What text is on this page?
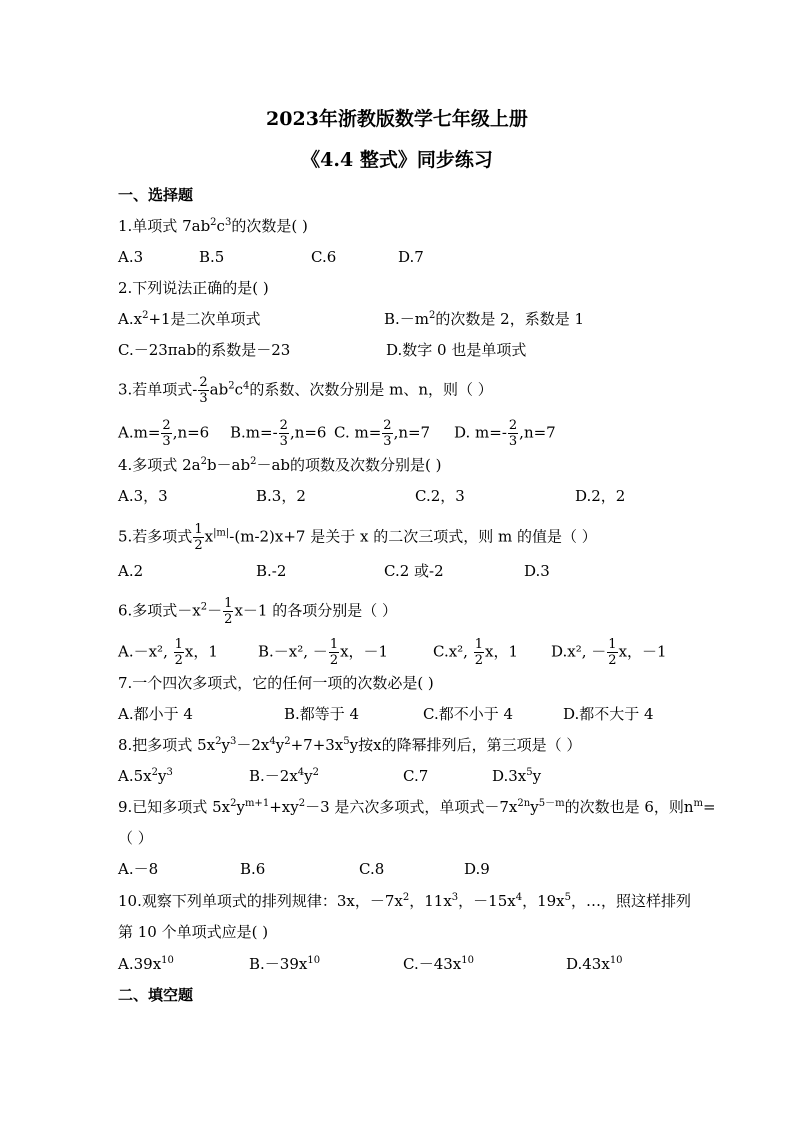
2023年浙教版数学七年级上册
《4.4 整式》同步练习
一、选择题
1.单项式 $7ab^2c^3$的次数是( )
A.3	B.5	C.6	D.7
2.下列说法正确的是( )
$A.x^2+1$是二次单项式	$B.-m^2$的次数是 2，系数是 1
C.－23πab的系数是－23	D.数字 0 也是单项式
3.若单项式- $\frac{2}{3} ab^2c^4$的系数、次数分别是 m、n，则（ ）
$A.m= \frac{2}{3} ,n=6$ $B.m=- \frac{2}{3} ,n=6$ C. $m= \frac{2}{3} ,n=7$ D. $m=- \frac{2}{3} ,n=7$
4.多项式 $2a^2b-ab^2-ab$的项数及次数分别是( )
A.3，3	B.3，2	C.2，3	D.2，2
5.若多项式 $\frac{1}{2} x^{|m|}-(m-2)x+7$ 是关于 x 的二次三项式，则 m 的值是（ ）
A.2	B.-2	C.2 或-2	D.3
6.多项式$-x^2- \frac{1}{2} x-1$ 的各项分别是（ ）
A.－x², $\frac{1}{2}$ x，1	B.－x², － $\frac{1}{2}$ x，－1	C.x², $\frac{1}{2}$ x，1 D.x², － $\frac{1}{2}$ x，－1
7.一个四次多项式，它的任何一项的次数必是( )
A.都小于 4	B.都等于 4	C.都不小于 4	D.都不大于 4
8.把多项式 $5x^2y^3-2x^4y^2+7+3x^5y$按x的降幂排列后，第三项是（ ）
$A.5x^2y^3$	$B.-2x^4y^2$	C.7	$D.3x^5y$
9.已知多项式 $5x^2y^{m+1}+xy^2-3$ 是六次多项式，单项式$-7x^{2n}y^{5-m}$的次数也是 6，则$n^m=$
（ ）
A.－8	B.6	C.8	D.9
10.观察下列单项式的排列规律：3x，$-7x^2$，$11x^3$，$-15x^4$，$19x^5$，…，照这样排列
第 10 个单项式应是( )
$A.39x^{10}$	$B.-39x^{10}$	$C.-43x^{10}$	$D.43x^{10}$
二、填空题
